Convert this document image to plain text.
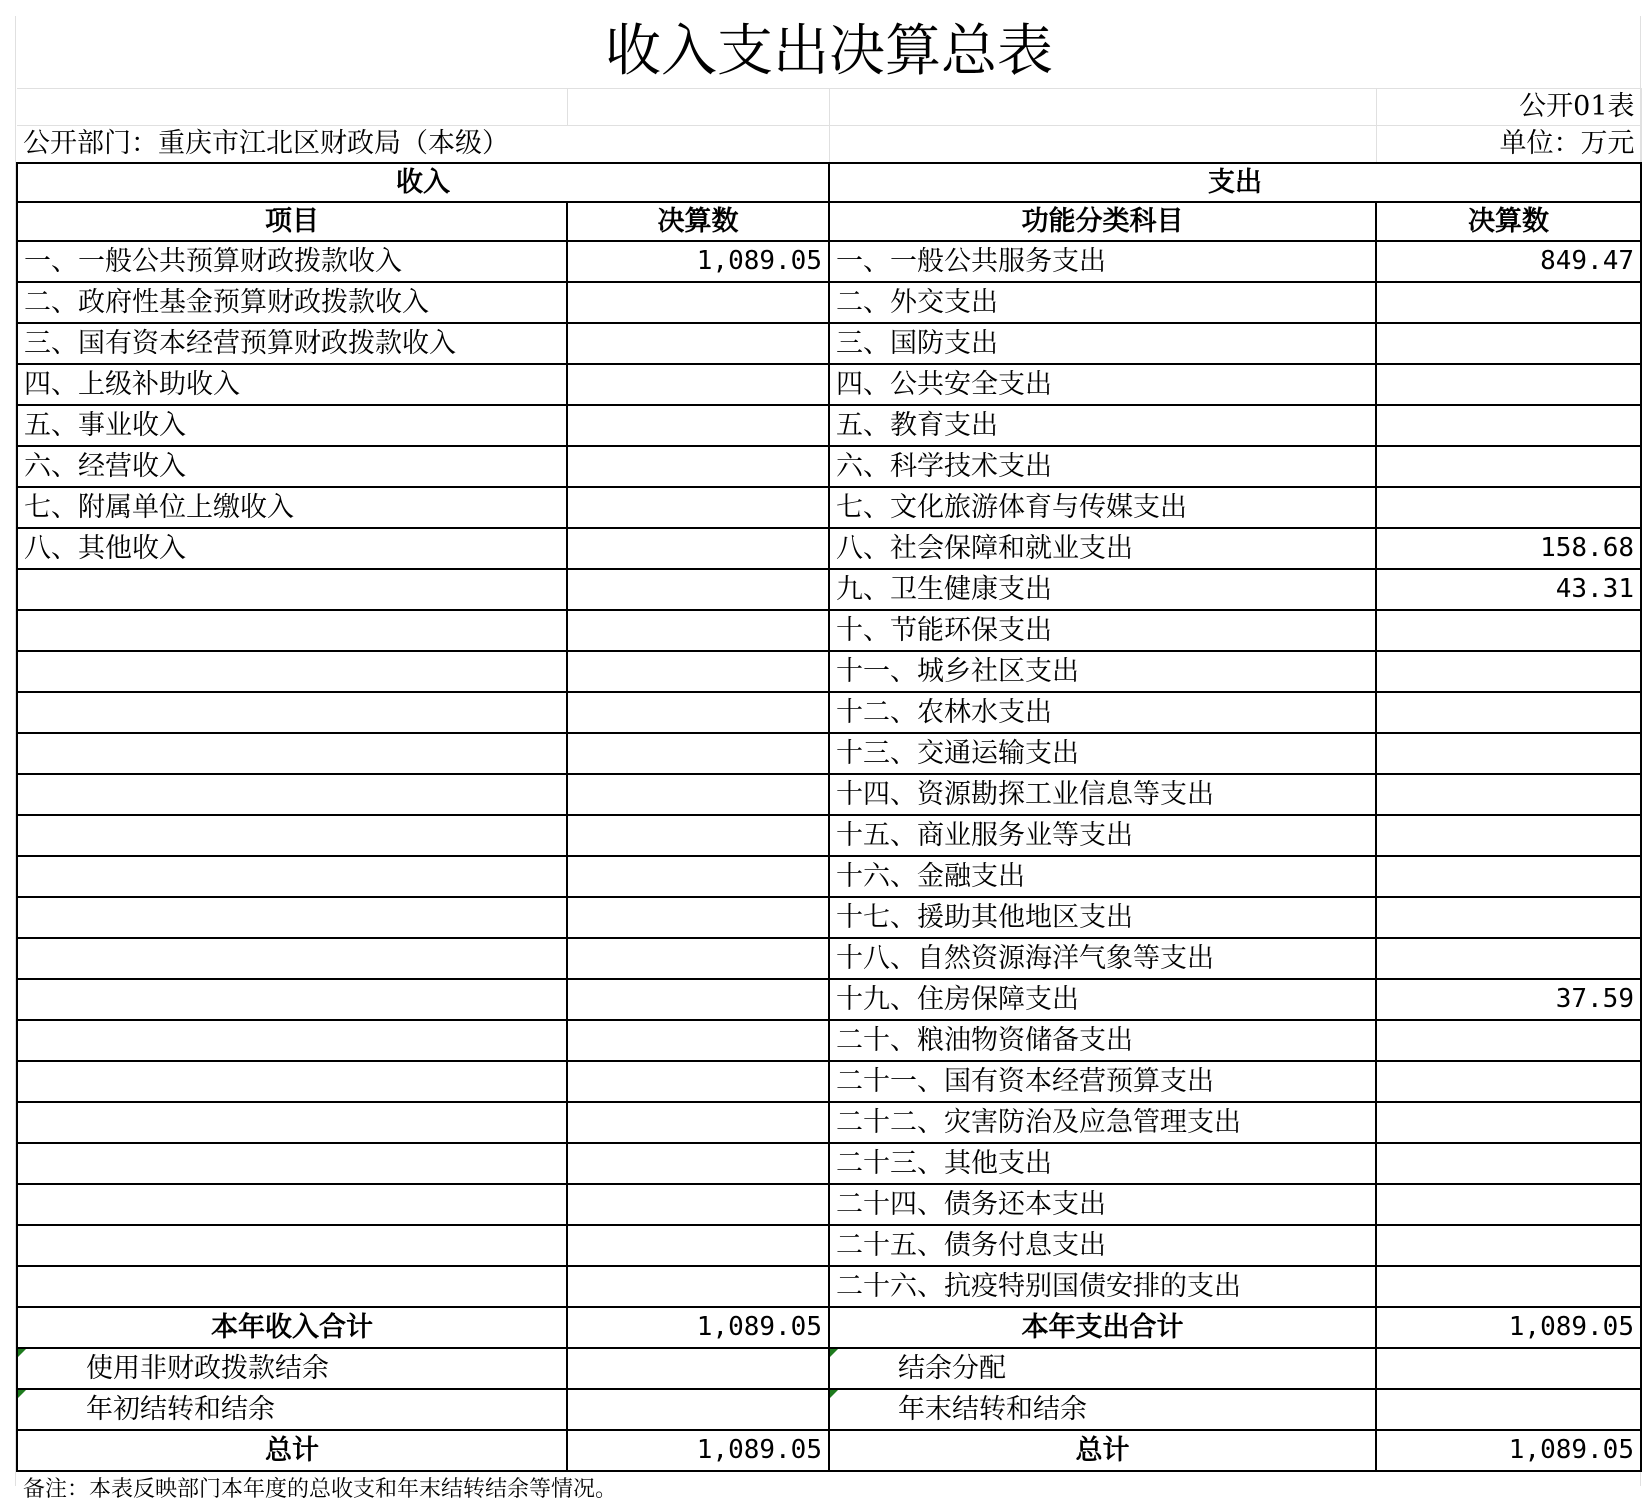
收入支出决算总表			
			公开01表
公开部门：重庆市江北区财政局（本级）			单位：万元
收入		支出	
项目	决算数	功能分类科目	决算数
一、一般公共预算财政拨款收入	1,089.05	一、一般公共服务支出	849.47
二、政府性基金预算财政拨款收入		二、外交支出	
三、国有资本经营预算财政拨款收入		三、国防支出	
四、上级补助收入		四、公共安全支出	
五、事业收入		五、教育支出	
六、经营收入		六、科学技术支出	
七、附属单位上缴收入		七、文化旅游体育与传媒支出	
八、其他收入		八、社会保障和就业支出	158.68
		九、卫生健康支出	43.31
		十、节能环保支出	
		十一、城乡社区支出	
		十二、农林水支出	
		十三、交通运输支出	
		十四、资源勘探工业信息等支出	
		十五、商业服务业等支出	
		十六、金融支出	
		十七、援助其他地区支出	
		十八、自然资源海洋气象等支出	
		十九、住房保障支出	37.59
		二十、粮油物资储备支出	
		二十一、国有资本经营预算支出	
		二十二、灾害防治及应急管理支出	
		二十三、其他支出	
		二十四、债务还本支出	
		二十五、债务付息支出	
		二十六、抗疫特别国债安排的支出	
本年收入合计	1,089.05	本年支出合计	1,089.05

使用非财政拨款结余		结余分配	

年初结转和结余		年末结转和结余	
总计	1,089.05	总计	1,089.05
备注：本表反映部门本年度的总收支和年末结转结余等情况。			
